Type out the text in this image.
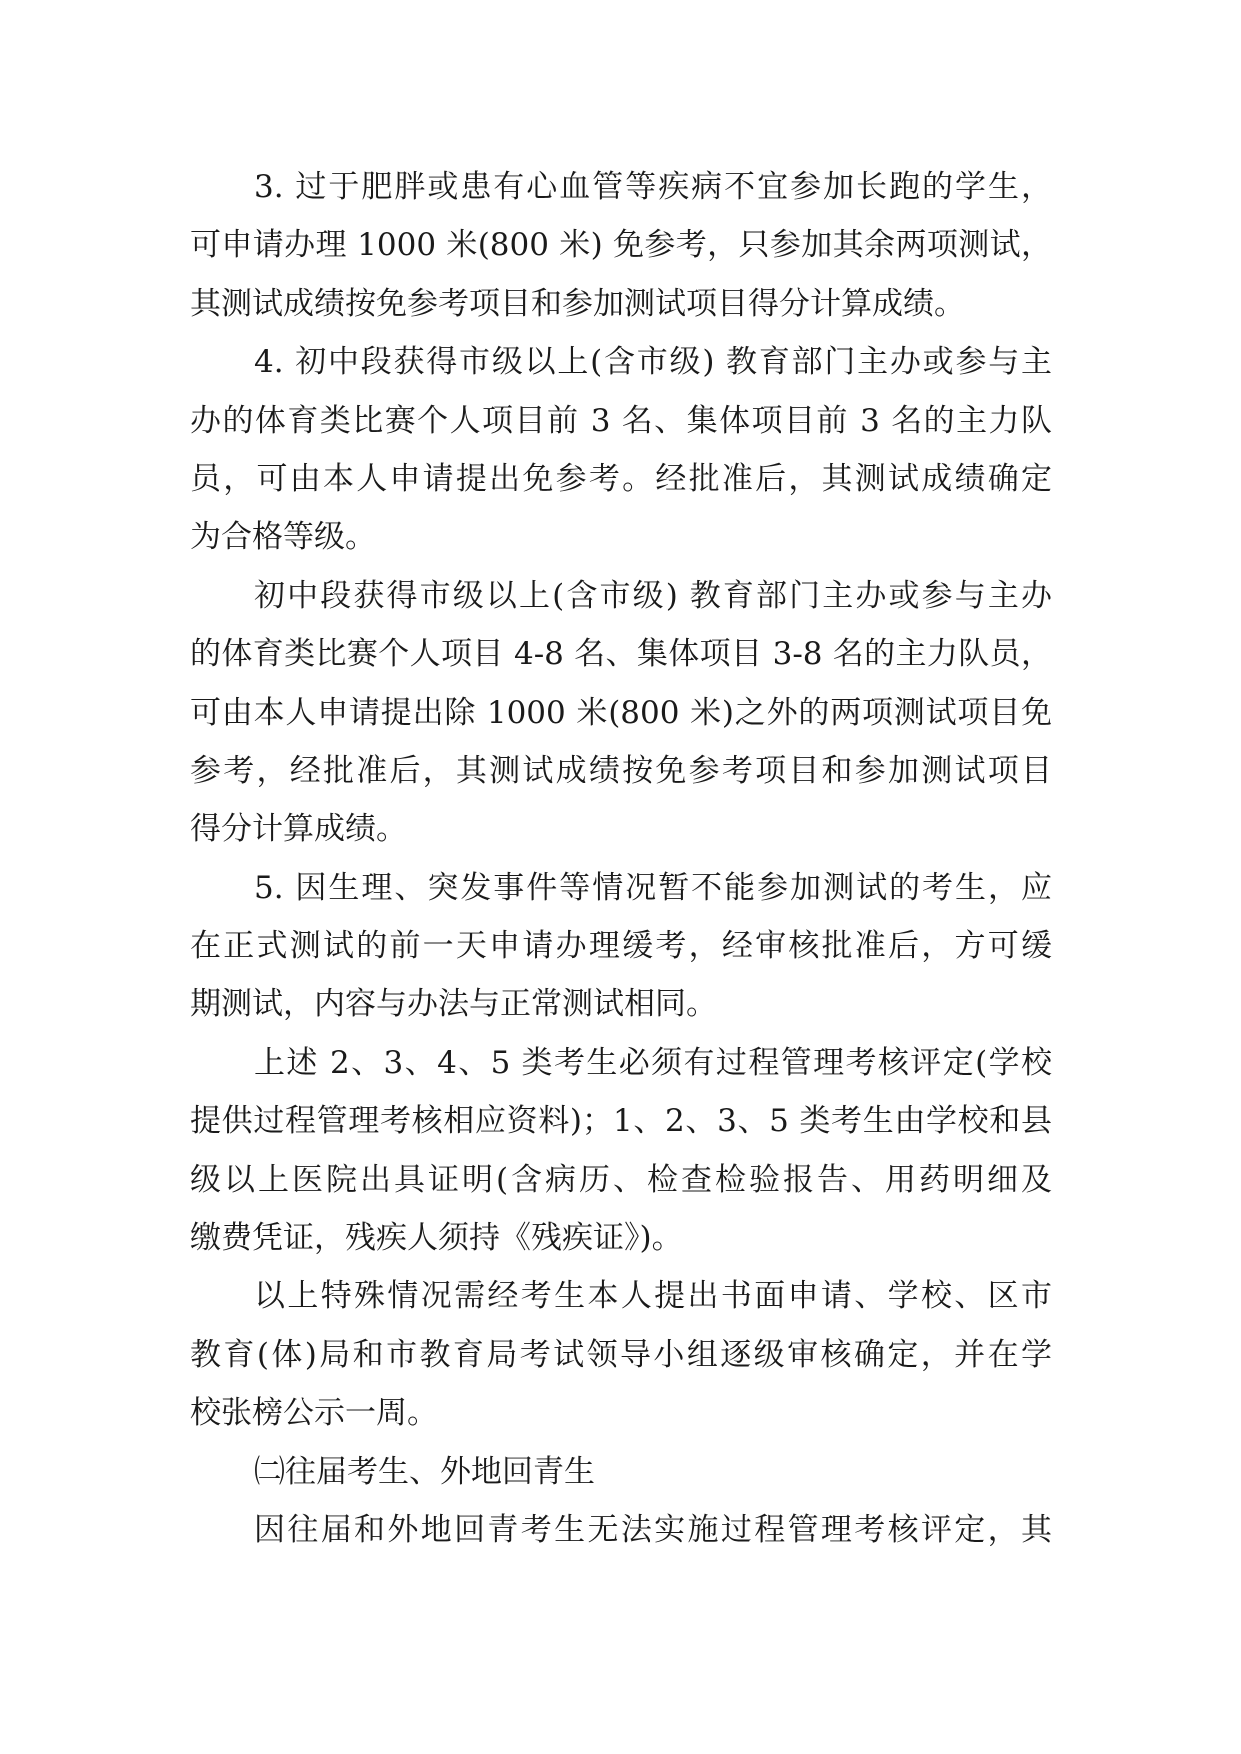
3. 过于肥胖或患有心血管等疾病不宜参加长跑的学生，
可申请办理 1000 米(800 米) 免参考，只参加其余两项测试，
其测试成绩按免参考项目和参加测试项目得分计算成绩。
4. 初中段获得市级以上(含市级) 教育部门主办或参与主
办的体育类比赛个人项目前 3 名、集体项目前 3 名的主力队
员，可由本人申请提出免参考。经批准后，其测试成绩确定
为合格等级。
初中段获得市级以上(含市级) 教育部门主办或参与主办
的体育类比赛个人项目 4-8 名、集体项目 3-8 名的主力队员，
可由本人申请提出除 1000 米(800 米)之外的两项测试项目免
参考，经批准后，其测试成绩按免参考项目和参加测试项目
得分计算成绩。
5. 因生理、突发事件等情况暂不能参加测试的考生，应
在正式测试的前一天申请办理缓考，经审核批准后，方可缓
期测试，内容与办法与正常测试相同。
上述 2、3、4、5 类考生必须有过程管理考核评定(学校
提供过程管理考核相应资料)；1、2、3、5 类考生由学校和县
级以上医院出具证明(含病历、检查检验报告、用药明细及
缴费凭证，残疾人须持《残疾证》)。
以上特殊情况需经考生本人提出书面申请、学校、区市
教育(体)局和市教育局考试领导小组逐级审核确定，并在学
校张榜公示一周。
㈡往届考生、外地回青生
因往届和外地回青考生无法实施过程管理考核评定，其
